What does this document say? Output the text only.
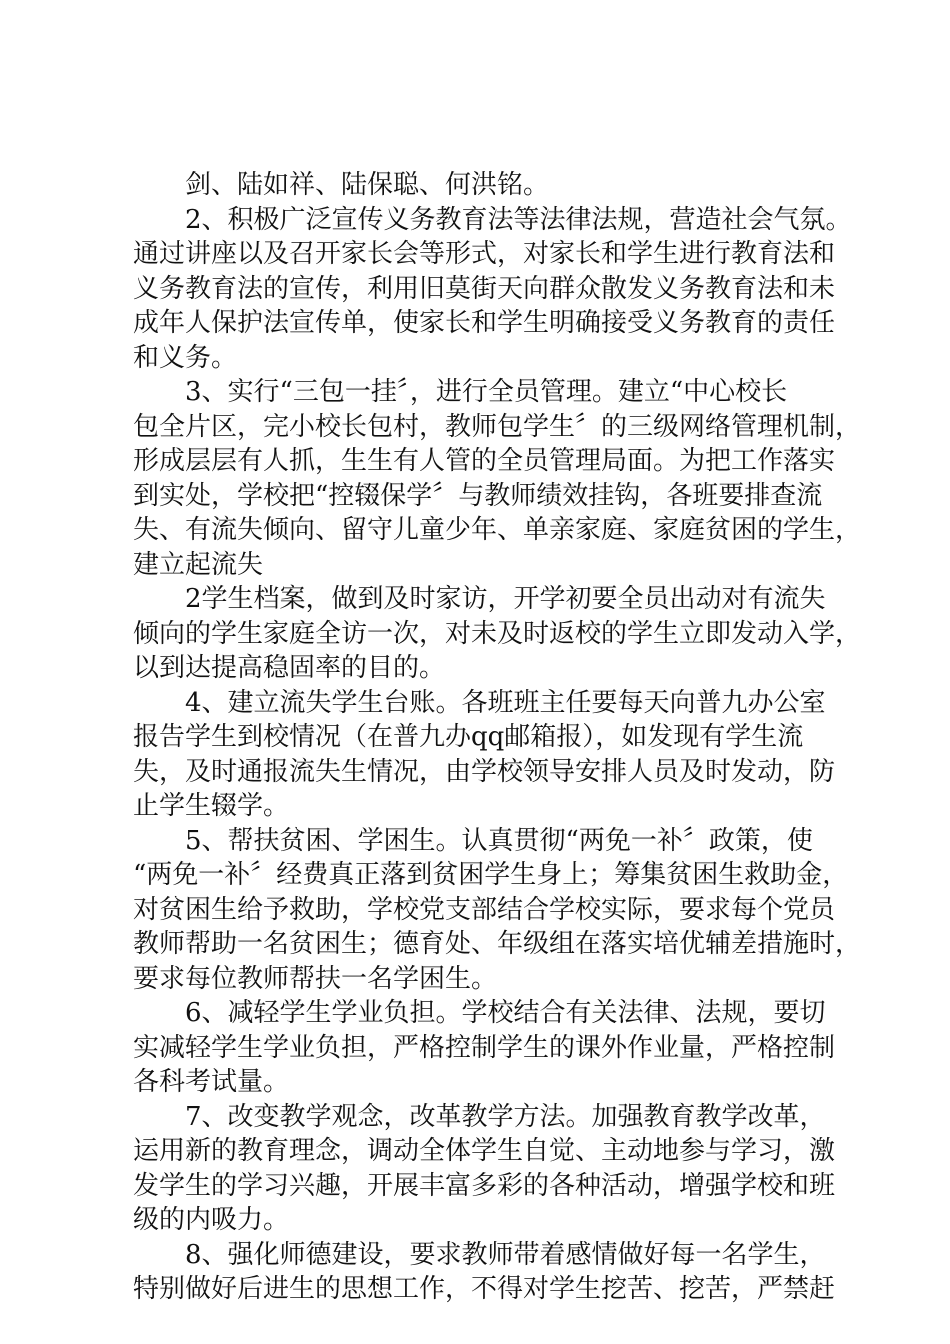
剑、陆如祥、陆保聪、何洪铭。
2、积极广泛宣传义务教育法等法律法规，营造社会气氛。
通过讲座以及召开家长会等形式，对家长和学生进行教育法和
义务教育法的宣传，利用旧莫街天向群众散发义务教育法和未
成年人保护法宣传单，使家长和学生明确接受义务教育的责任
和义务。
3、实行“三包一挂〞，进行全员管理。建立“中心校长
包全片区，完小校长包村，教师包学生〞的三级网络管理机制，
形成层层有人抓，生生有人管的全员管理局面。为把工作落实
到实处，学校把“控辍保学〞与教师绩效挂钩，各班要排查流
失、有流失倾向、留守儿童少年、单亲家庭、家庭贫困的学生，
建立起流失
2学生档案，做到及时家访，开学初要全员出动对有流失
倾向的学生家庭全访一次，对未及时返校的学生立即发动入学，
以到达提高稳固率的目的。
4、建立流失学生台账。各班班主任要每天向普九办公室
报告学生到校情况（在普九办qq邮箱报），如发现有学生流
失，及时通报流失生情况，由学校领导安排人员及时发动，防
止学生辍学。
5、帮扶贫困、学困生。认真贯彻“两免一补〞政策，使
“两免一补〞经费真正落到贫困学生身上；筹集贫困生救助金，
对贫困生给予救助，学校党支部结合学校实际，要求每个党员
教师帮助一名贫困生；德育处、年级组在落实培优辅差措施时，
要求每位教师帮扶一名学困生。
6、减轻学生学业负担。学校结合有关法律、法规，要切
实减轻学生学业负担，严格控制学生的课外作业量，严格控制
各科考试量。
7、改变教学观念，改革教学方法。加强教育教学改革，
运用新的教育理念，调动全体学生自觉、主动地参与学习，激
发学生的学习兴趣，开展丰富多彩的各种活动，增强学校和班
级的内吸力。
8、强化师德建设，要求教师带着感情做好每一名学生，
特别做好后进生的思想工作，不得对学生挖苦、挖苦，严禁赶
